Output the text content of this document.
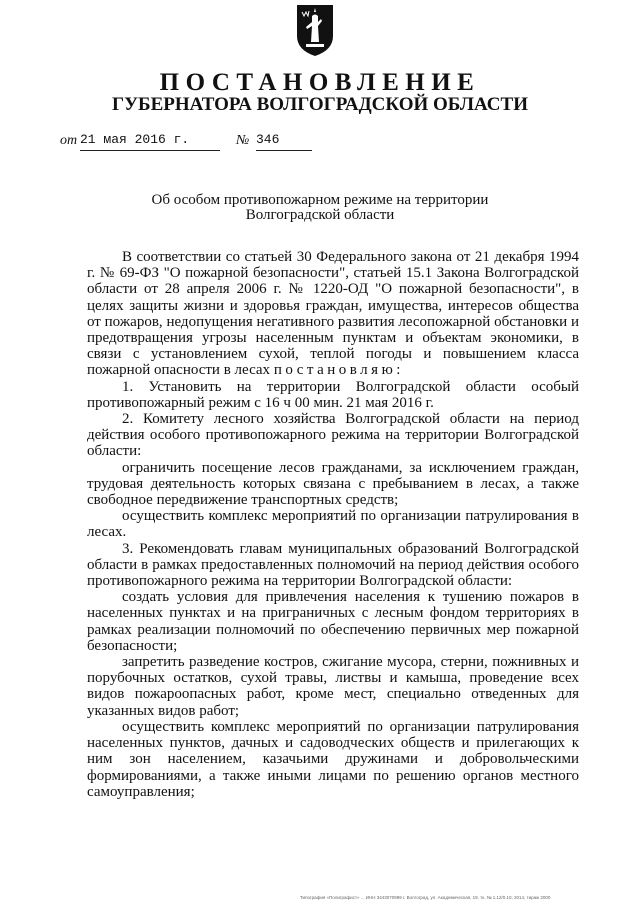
ПОСТАНОВЛЕНИЕ
ГУБЕРНАТОРА ВОЛГОГРАДСКОЙ ОБЛАСТИ
от 21 мая 2016 г.	№ 346
Об особом противопожарном режиме на территории Волгоградской области

В соответствии со статьей 30 Федерального закона от 21 декабря 1994 г. № 69-ФЗ "О пожарной безопасности", статьей 15.1 Закона Волгоградской области от 28 апреля 2006 г. № 1220-ОД "О пожарной безопасности", в целях защиты жизни и здоровья граждан, имущества, интересов общества от пожаров, недопущения негативного развития лесопожарной обстановки и предотвращения угрозы населенным пунктам и объектам экономики, в связи с установлением сухой, теплой погоды и повышением класса пожарной опасности в лесах постановляю:

1. Установить на территории Волгоградской области особый противопожарный режим с 16 ч 00 мин. 21 мая 2016 г.

2. Комитету лесного хозяйства Волгоградской области на период действия особого противопожарного режима на территории Волгоградской области:

ограничить посещение лесов гражданами, за исключением граждан, трудовая деятельность которых связана с пребыванием в лесах, а также свободное передвижение транспортных средств;

осуществить комплекс мероприятий по организации патрулирования в лесах.

3. Рекомендовать главам муниципальных образований Волгоградской области в рамках предоставленных полномочий на период действия особого противопожарного режима на территории Волгоградской области:

создать условия для привлечения населения к тушению пожаров в населенных пунктах и на приграничных с лесным фондом территориях в рамках реализации полномочий по обеспечению первичных мер пожарной безопасности;

запретить разведение костров, сжигание мусора, стерни, пожнивных и порубочных остатков, сухой травы, листвы и камыша, проведение всех видов пожароопасных работ, кроме мест, специально отведенных для указанных видов работ;

осуществить комплекс мероприятий по организации патрулирования населенных пунктов, дачных и садоводческих обществ и прилегающих к ним зон населением, казачьими дружинами и добровольческими формированиями, а также иными лицами по решению органов местного самоуправления;

Типография «Полиграфист» ... ИНН 3443070999 г. Волгоград, ул. Академическая, 19. тк. № 1.12/0.10, 2014, тираж 2000
